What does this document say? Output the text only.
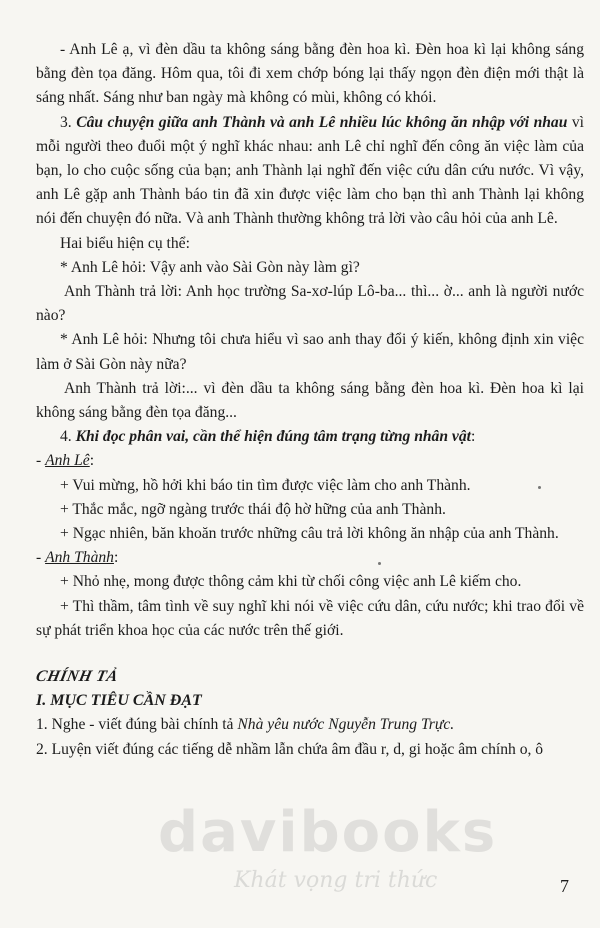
- Anh Lê ạ, vì đèn dầu ta không sáng bằng đèn hoa kì. Đèn hoa kì lại không sáng bằng đèn tọa đăng. Hôm qua, tôi đi xem chớp bóng lại thấy ngọn đèn điện mới thật là sáng nhất. Sáng như ban ngày mà không có mùi, không có khói.

3. Câu chuyện giữa anh Thành và anh Lê nhiều lúc không ăn nhập với nhau vì mỗi người theo đuổi một ý nghĩ khác nhau: anh Lê chỉ nghĩ đến công ăn việc làm của bạn, lo cho cuộc sống của bạn; anh Thành lại nghĩ đến việc cứu dân cứu nước. Vì vậy, anh Lê gặp anh Thành báo tin đã xin được việc làm cho bạn thì anh Thành lại không nói đến chuyện đó nữa. Và anh Thành thường không trả lời vào câu hỏi của anh Lê.

Hai biểu hiện cụ thể:

* Anh Lê hỏi: Vậy anh vào Sài Gòn này làm gì?

Anh Thành trả lời: Anh học trường Sa-xơ-lúp Lô-ba... thì... ờ... anh là người nước nào?

* Anh Lê hỏi: Nhưng tôi chưa hiểu vì sao anh thay đổi ý kiến, không định xin việc làm ở Sài Gòn này nữa?

Anh Thành trả lời:... vì đèn dầu ta không sáng bằng đèn hoa kì. Đèn hoa kì lại không sáng bằng đèn tọa đăng...

4. Khi đọc phân vai, cần thể hiện đúng tâm trạng từng nhân vật:

- Anh Lê:

+ Vui mừng, hồ hởi khi báo tin tìm được việc làm cho anh Thành.

+ Thắc mắc, ngỡ ngàng trước thái độ hờ hững của anh Thành.

+ Ngạc nhiên, băn khoăn trước những câu trả lời không ăn nhập của anh Thành.

- Anh Thành:

+ Nhỏ nhẹ, mong được thông cảm khi từ chối công việc anh Lê kiếm cho.

+ Thì thầm, tâm tình về suy nghĩ khi nói về việc cứu dân, cứu nước; khi trao đổi về sự phát triển khoa học của các nước trên thế giới.

CHÍNH TẢ

I. MỤC TIÊU CẦN ĐẠT

1. Nghe - viết đúng bài chính tả Nhà yêu nước Nguyễn Trung Trực.

2. Luyện viết đúng các tiếng dễ nhầm lẫn chứa âm đầu r, d, gi hoặc âm chính o, ô

davibooks
Khát vọng tri thức	7
